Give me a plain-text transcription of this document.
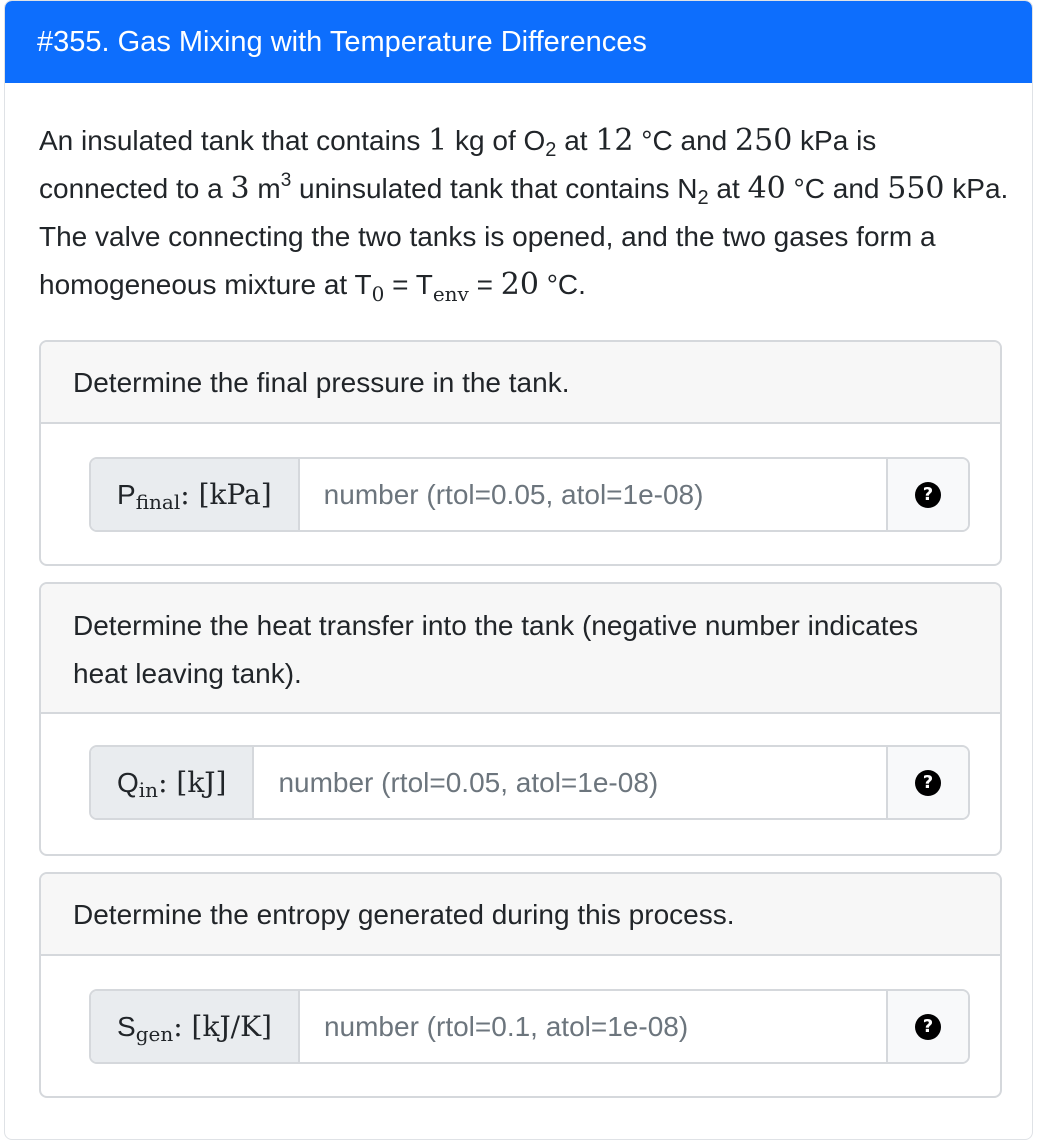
#355. Gas Mixing with Temperature Differences
An insulated tank that contains 1 kg of $O_2$ at 12 °C and 250 kPa is connected to a 3 $m^3$ uninsulated tank that contains $N_2$ at 40 °C and 550 kPa. The valve connecting the two tanks is opened, and the two gases form a homogeneous mixture at $T_0 = T_{env} = 20$ °C.
Determine the final pressure in the tank.
P final : [kPa]
number (rtol=0.05, atol=1e-08)	?
Determine the heat transfer into the tank (negative number indicates heat leaving tank).
Q in : [kJ]
number (rtol=0.05, atol=1e-08)	?
Determine the entropy generated during this process.
S gen : [kJ/K]
number (rtol=0.1, atol=1e-08)	?
